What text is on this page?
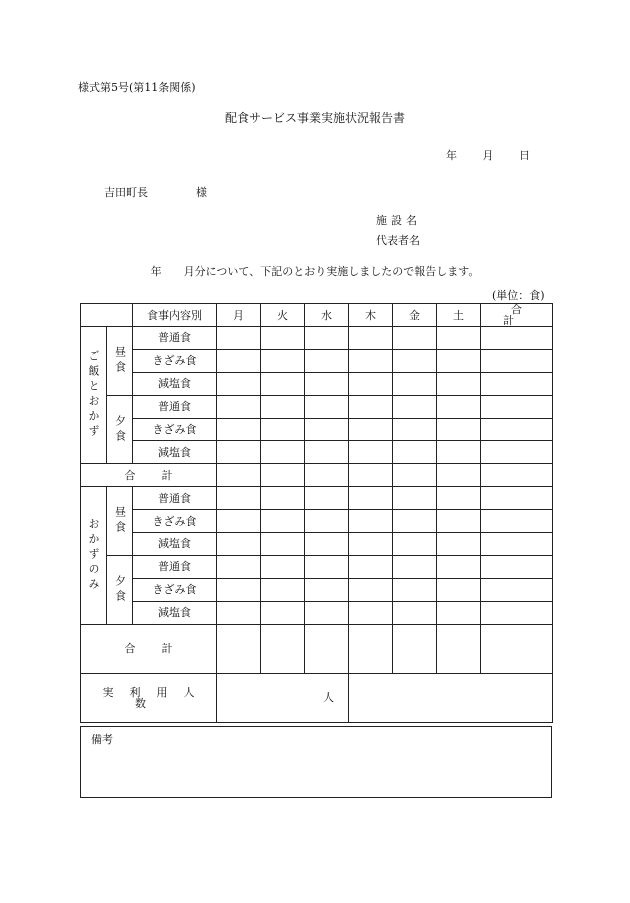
様式第5号(第11条関係)
配食サービス事業実施状況報告書
年 月 日
吉田町長	様
施設名
代表者名
年　　月分について、下記のとおり実施しましたので報告します。
(単位：食)
		食事内容別	月	火	水	木	金	土	合 計
ご飯とおかず	昼食	普通食							
		きざみ食							
		減塩食							
	夕食	普通食							
		きざみ食							
		減塩食							
合計									
おかずのみ	昼食	普通食							
		きざみ食							
		減塩食							
	夕食	普通食							
		きざみ食							
		減塩食							
合計									
実利用人数			人						
備考
